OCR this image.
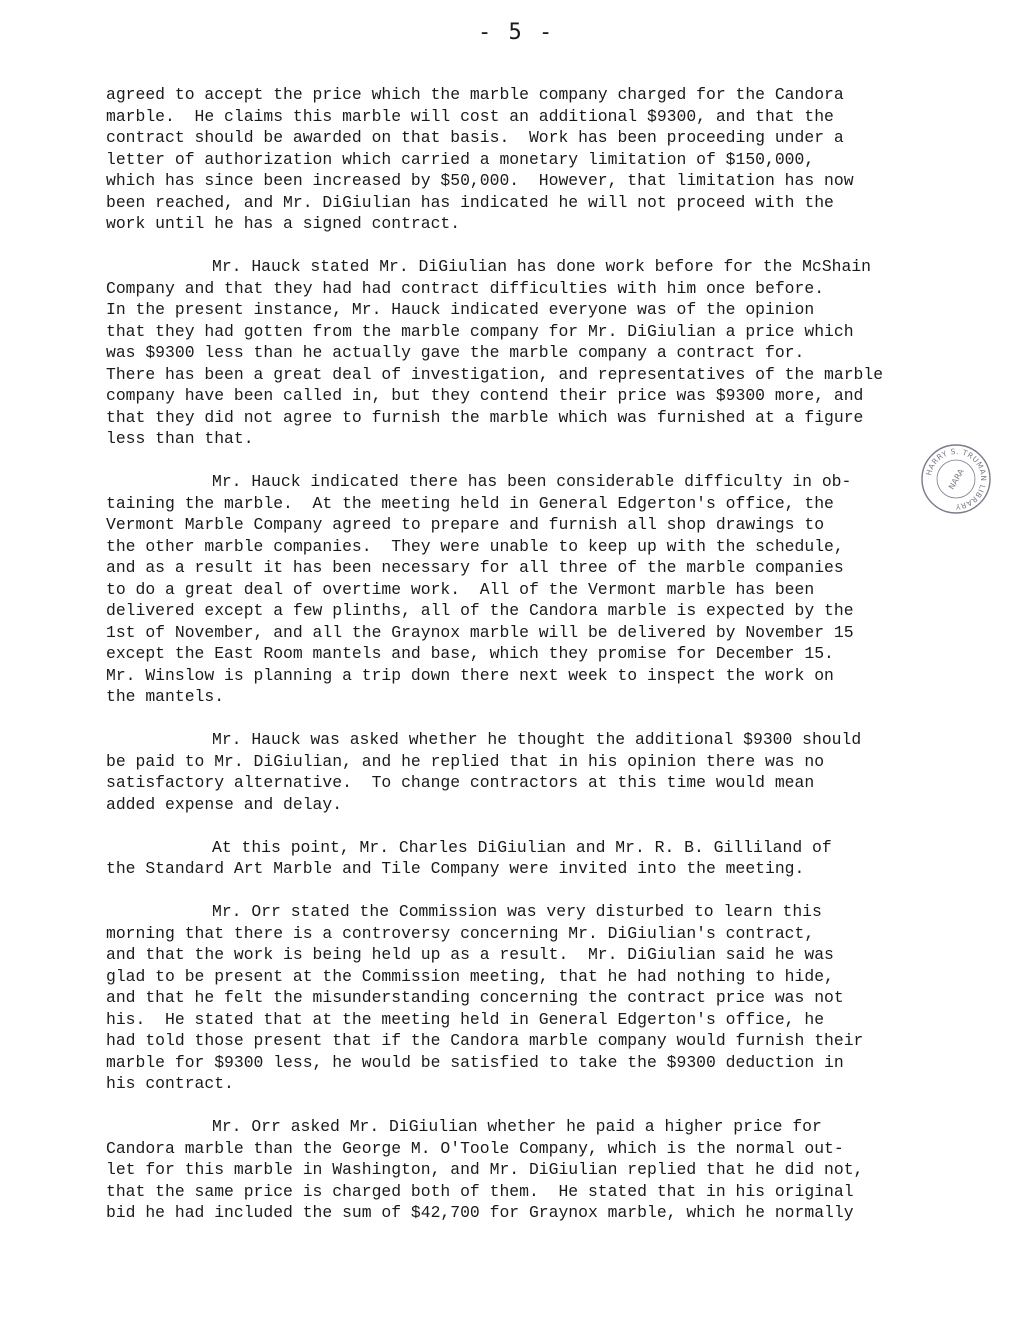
- 5 -

agreed to accept the price which the marble company charged for the Candora
marble.  He claims this marble will cost an additional $9300, and that the
contract should be awarded on that basis.  Work has been proceeding under a
letter of authorization which carried a monetary limitation of $150,000,
which has since been increased by $50,000.  However, that limitation has now
been reached, and Mr. DiGiulian has indicated he will not proceed with the
work until he has a signed contract.

Mr. Hauck stated Mr. DiGiulian has done work before for the McShain
Company and that they had had contract difficulties with him once before.
In the present instance, Mr. Hauck indicated everyone was of the opinion
that they had gotten from the marble company for Mr. DiGiulian a price which
was $9300 less than he actually gave the marble company a contract for.
There has been a great deal of investigation, and representatives of the marble
company have been called in, but they contend their price was $9300 more, and
that they did not agree to furnish the marble which was furnished at a figure
less than that.

Mr. Hauck indicated there has been considerable difficulty in ob-
taining the marble.  At the meeting held in General Edgerton's office, the
Vermont Marble Company agreed to prepare and furnish all shop drawings to
the other marble companies.  They were unable to keep up with the schedule,
and as a result it has been necessary for all three of the marble companies
to do a great deal of overtime work.  All of the Vermont marble has been
delivered except a few plinths, all of the Candora marble is expected by the
1st of November, and all the Graynox marble will be delivered by November 15
except the East Room mantels and base, which they promise for December 15.
Mr. Winslow is planning a trip down there next week to inspect the work on
the mantels.

Mr. Hauck was asked whether he thought the additional $9300 should
be paid to Mr. DiGiulian, and he replied that in his opinion there was no
satisfactory alternative.  To change contractors at this time would mean
added expense and delay.

At this point, Mr. Charles DiGiulian and Mr. R. B. Gilliland of
the Standard Art Marble and Tile Company were invited into the meeting.

Mr. Orr stated the Commission was very disturbed to learn this
morning that there is a controversy concerning Mr. DiGiulian's contract,
and that the work is being held up as a result.  Mr. DiGiulian said he was
glad to be present at the Commission meeting, that he had nothing to hide,
and that he felt the misunderstanding concerning the contract price was not
his.  He stated that at the meeting held in General Edgerton's office, he
had told those present that if the Candora marble company would furnish their
marble for $9300 less, he would be satisfied to take the $9300 deduction in
his contract.

Mr. Orr asked Mr. DiGiulian whether he paid a higher price for
Candora marble than the George M. O'Toole Company, which is the normal out-
let for this marble in Washington, and Mr. DiGiulian replied that he did not,
that the same price is charged both of them.  He stated that in his original
bid he had included the sum of $42,700 for Graynox marble, which he normally

HARRY S. TRUMAN LIBRARY
NARA
